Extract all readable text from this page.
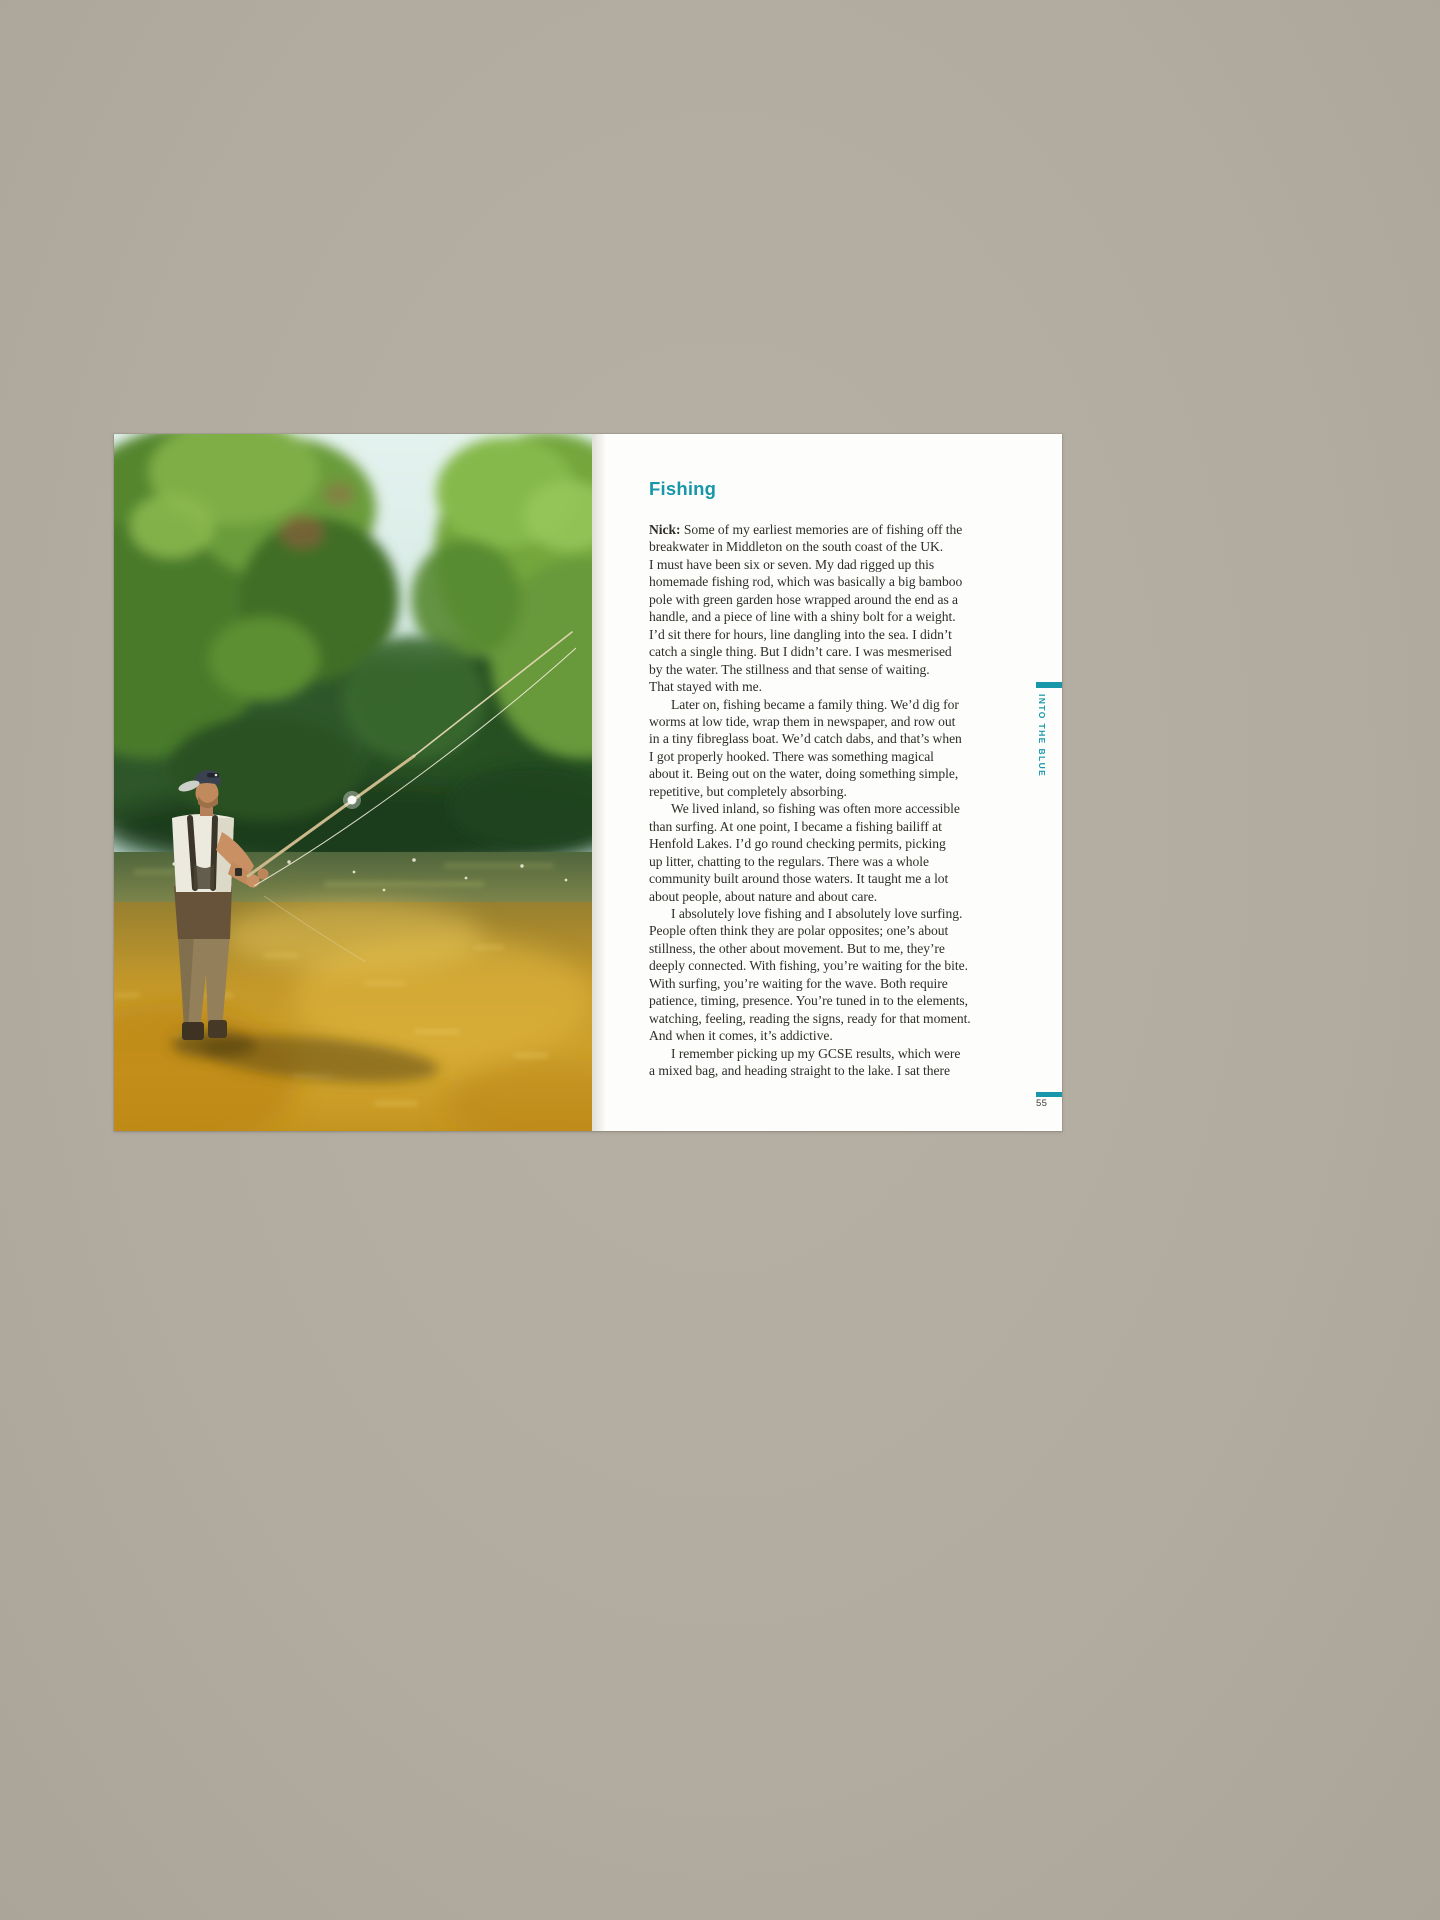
Fishing
Nick: Some of my earliest memories are of fishing off the
breakwater in Middleton on the south coast of the UK.
I must have been six or seven. My dad rigged up this
homemade fishing rod, which was basically a big bamboo
pole with green garden hose wrapped around the end as a
handle, and a piece of line with a shiny bolt for a weight.
I’d sit there for hours, line dangling into the sea. I didn’t
catch a single thing. But I didn’t care. I was mesmerised
by the water. The stillness and that sense of waiting.
That stayed with me.
Later on, fishing became a family thing. We’d dig for
worms at low tide, wrap them in newspaper, and row out
in a tiny fibreglass boat. We’d catch dabs, and that’s when
I got properly hooked. There was something magical
about it. Being out on the water, doing something simple,
repetitive, but completely absorbing.
We lived inland, so fishing was often more accessible
than surfing. At one point, I became a fishing bailiff at
Henfold Lakes. I’d go round checking permits, picking
up litter, chatting to the regulars. There was a whole
community built around those waters. It taught me a lot
about people, about nature and about care.
I absolutely love fishing and I absolutely love surfing.
People often think they are polar opposites; one’s about
stillness, the other about movement. But to me, they’re
deeply connected. With fishing, you’re waiting for the bite.
With surfing, you’re waiting for the wave. Both require
patience, timing, presence. You’re tuned in to the elements,
watching, feeling, reading the signs, ready for that moment.
And when it comes, it’s addictive.
I remember picking up my GCSE results, which were
a mixed bag, and heading straight to the lake. I sat there
INTO THE BLUE
55
